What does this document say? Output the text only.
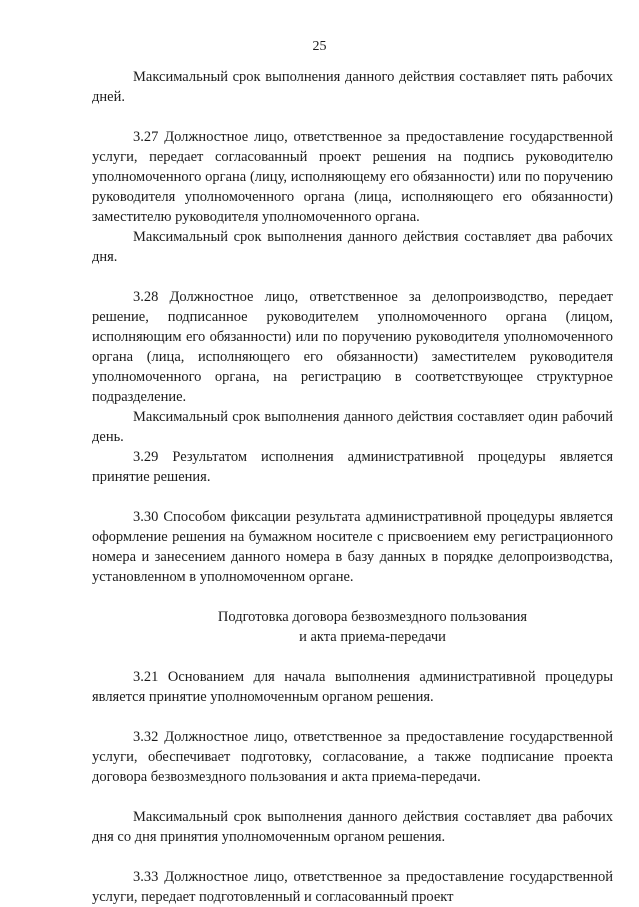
25

Максимальный срок выполнения данного действия составляет пять рабочих дней.

3.27 Должностное лицо, ответственное за предоставление государственной услуги, передает согласованный проект решения на подпись руководителю уполномоченного органа (лицу, исполняющему его обязанности) или по поручению руководителя уполномоченного органа (лица, исполняющего его обязанности) заместителю руководителя уполномоченного органа.

Максимальный срок выполнения данного действия составляет два рабочих дня.

3.28 Должностное лицо, ответственное за делопроизводство, передает решение, подписанное руководителем уполномоченного органа (лицом, исполняющим его обязанности) или по поручению руководителя уполномоченного органа (лица, исполняющего его обязанности) заместителем руководителя уполномоченного органа, на регистрацию в соответствующее структурное подразделение.

Максимальный срок выполнения данного действия составляет один рабочий день.

3.29 Результатом исполнения административной процедуры является принятие решения.

3.30 Способом фиксации результата административной процедуры является оформление решения на бумажном носителе с присвоением ему регистрационного номера и занесением данного номера в базу данных в порядке делопроизводства, установленном в уполномоченном органе.

Подготовка договора безвозмездного пользования

и акта приема-передачи

3.21 Основанием для начала выполнения административной процедуры является принятие уполномоченным органом решения.

3.32 Должностное лицо, ответственное за предоставление государственной услуги, обеспечивает подготовку, согласование, а также подписание проекта договора безвозмездного пользования и акта приема-передачи.

Максимальный срок выполнения данного действия составляет два рабочих дня со дня принятия уполномоченным органом решения.

3.33 Должностное лицо, ответственное за предоставление государственной услуги, передает подготовленный и согласованный проект
